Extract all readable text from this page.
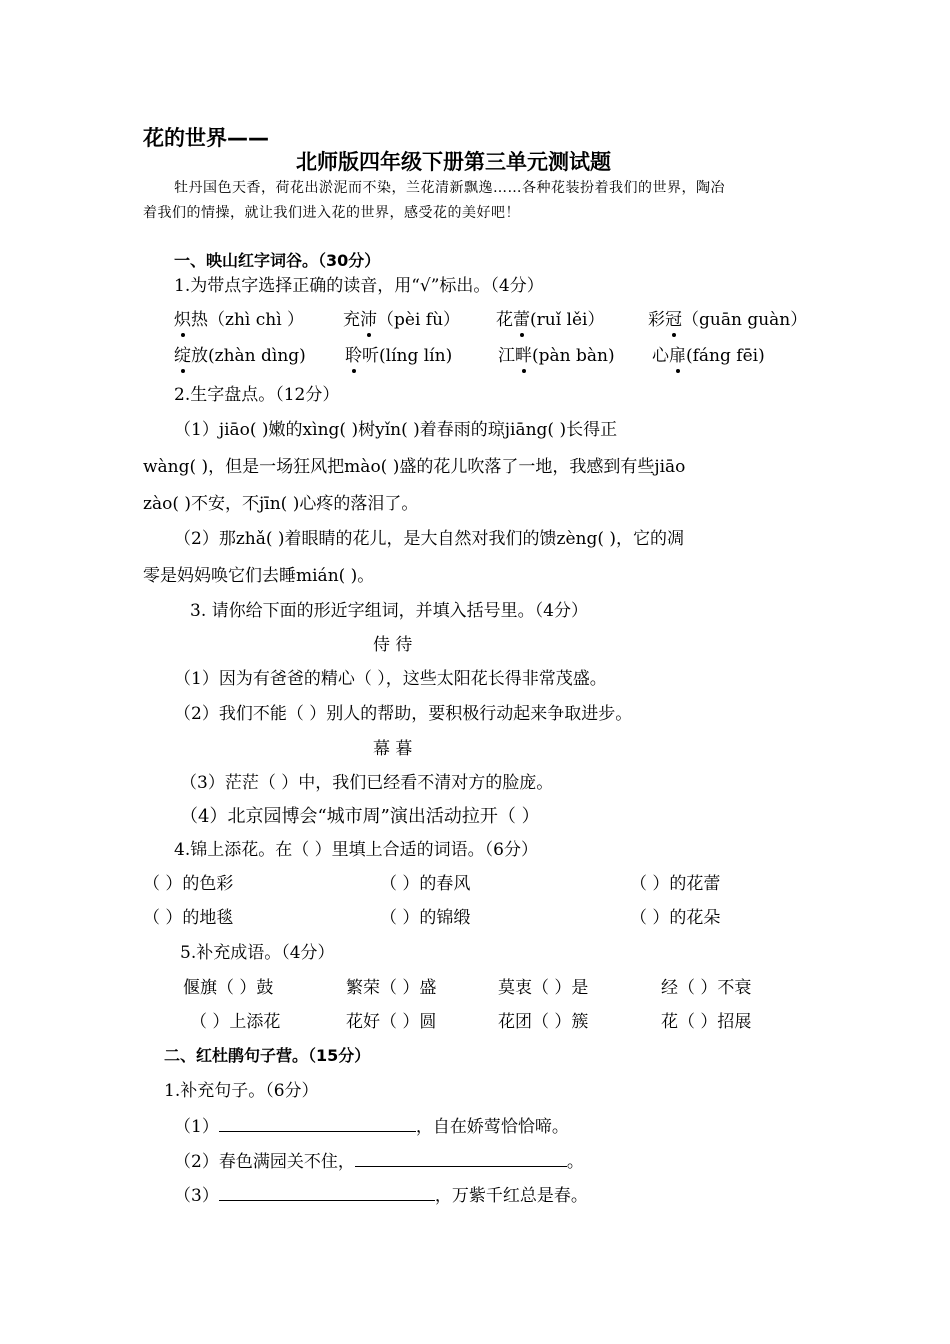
花的世界——
北师版四年级下册第三单元测试题
牡丹国色天香，荷花出淤泥而不染，兰花清新飘逸……各种花装扮着我们的世界，陶冶
着我们的情操，就让我们进入花的世界，感受花的美好吧！
一、映山红字词谷。（30分）
1.为带点字选择正确的读音，用“√”标出。（4分）
炽热（zhì chì ） 充沛（pèi fù） 花蕾(ruǐ lěi）	彩冠（guān guàn）
绽放(zhàn dìng) 聆听(líng lín)	江畔(pàn bàn) 心扉(fáng fēi)
2.生字盘点。（12分）
（1）jiāo( )嫩的xìng( )树yǐn( )着春雨的琼jiāng( )长得正
wàng( )，但是一场狂风把mào( )盛的花儿吹落了一地，我感到有些jiāo
zào( )不安，不jīn( )心疼的落泪了。
（2）那zhǎ( )着眼睛的花儿，是大自然对我们的馈zèng( )，它的凋
零是妈妈唤它们去睡mián( )。
3. 请你给下面的形近字组词，并填入括号里。（4分）
侍 待
（1）因为有爸爸的精心（ ），这些太阳花长得非常茂盛。
（2）我们不能（ ）别人的帮助，要积极行动起来争取进步。
幕 暮
（3）茫茫（ ）中，我们已经看不清对方的脸庞。
（4）北京园博会“城市周”演出活动拉开（ ）
4.锦上添花。在（ ）里填上合适的词语。（6分）
（ ）的色彩	（ ）的春风	（ ）的花蕾
（ ）的地毯	（ ）的锦缎	（ ）的花朵
5.补充成语。（4分）
偃旗（ ）鼓	繁荣（ ）盛	莫衷（ ）是	经（ ）不衰
（ ）上添花	花好（ ）圆	花团（ ）簇	花（ ）招展
二、红杜鹃句子营。（15分）
1.补充句子。（6分）
（1）	，自在娇莺恰恰啼。
（2）春色满园关不住，	。
（3）	，万紫千红总是春。
